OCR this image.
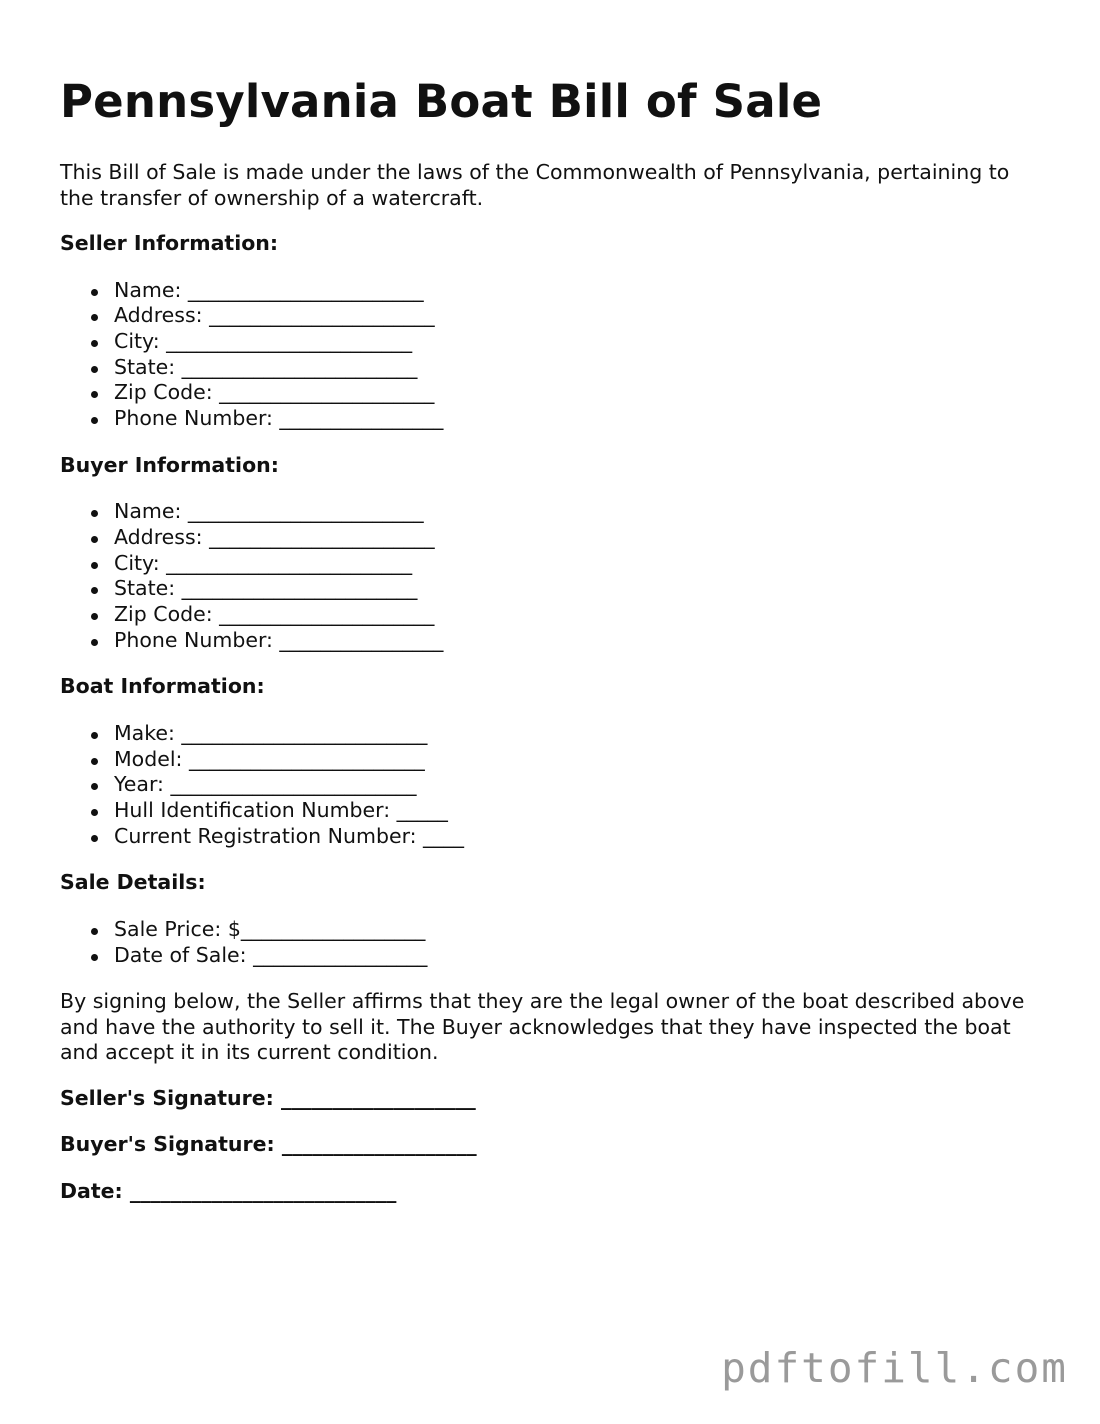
Pennsylvania Boat Bill of Sale

This Bill of Sale is made under the laws of the Commonwealth of Pennsylvania, pertaining to the transfer of ownership of a watercraft.

Seller Information:
Name: _______________________
Address: ______________________
City: ________________________
State: _______________________
Zip Code: _____________________
Phone Number: ________________
Buyer Information:
Name: _______________________
Address: ______________________
City: ________________________
State: _______________________
Zip Code: _____________________
Phone Number: ________________
Boat Information:
Make: ________________________
Model: _______________________
Year: ________________________
Hull Identification Number: _____
Current Registration Number: ____
Sale Details:
Sale Price: $__________________
Date of Sale: _________________

By signing below, the Seller affirms that they are the legal owner of the boat described above and have the authority to sell it. The Buyer acknowledges that they have inspected the boat and accept it in its current condition.

Seller's Signature: ___________________
Buyer's Signature: ___________________
Date: __________________________
pdftofill.com
